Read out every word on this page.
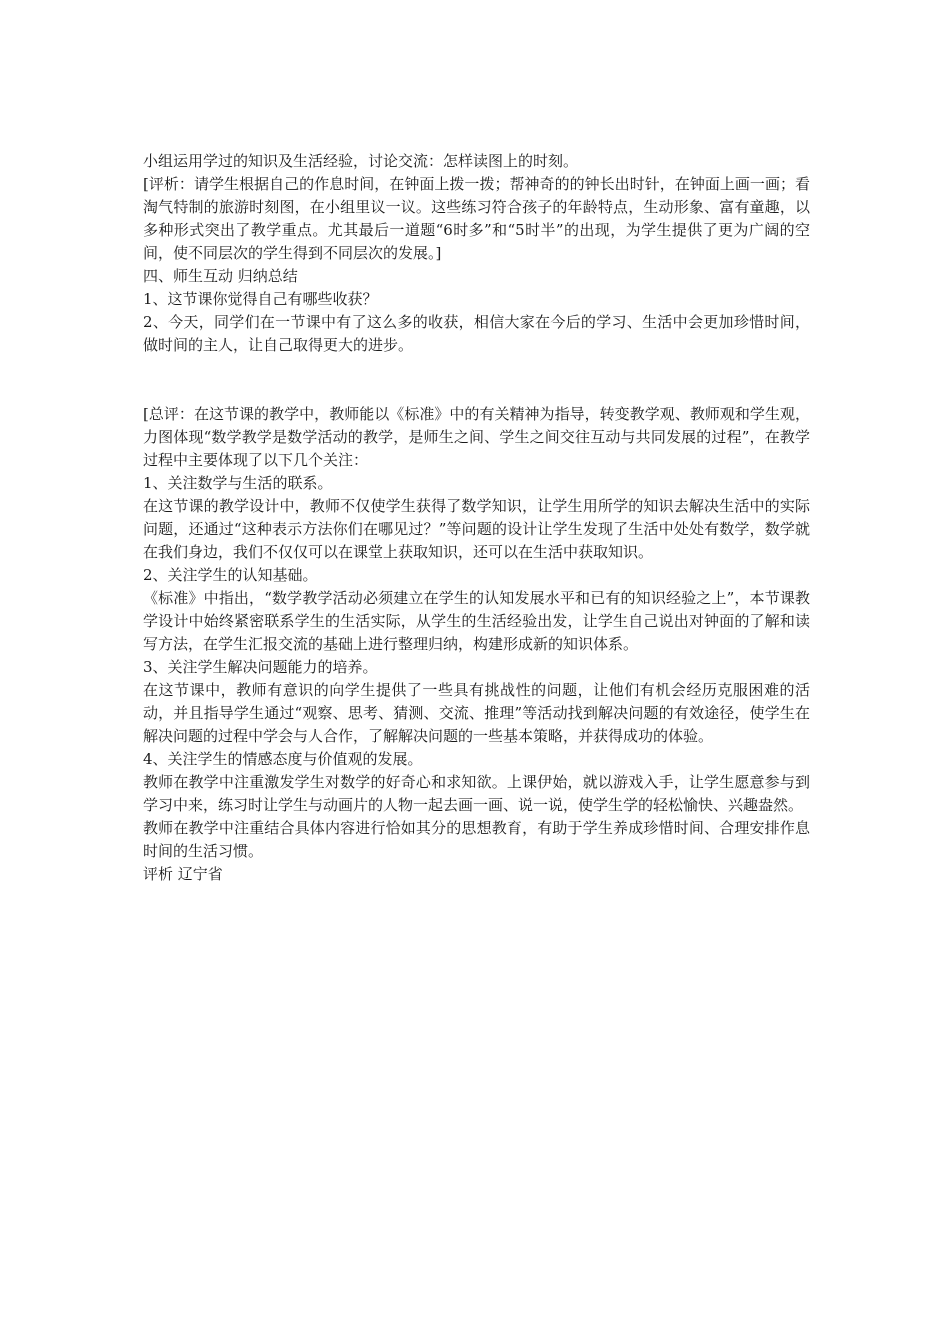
小组运用学过的知识及生活经验，讨论交流：怎样读图上的时刻。

[评析：请学生根据自己的作息时间，在钟面上拨一拨；帮神奇的的钟长出时针，在钟面上画一画；看淘气特制的旅游时刻图，在小组里议一议。这些练习符合孩子的年龄特点，生动形象、富有童趣，以多种形式突出了教学重点。尤其最后一道题“6时多”和“5时半”的出现，为学生提供了更为广阔的空间，使不同层次的学生得到不同层次的发展。]

四、师生互动 归纳总结

1、这节课你觉得自己有哪些收获？

2、今天，同学们在一节课中有了这么多的收获，相信大家在今后的学习、生活中会更加珍惜时间，做时间的主人，让自己取得更大的进步。

[总评：在这节课的教学中，教师能以《标准》中的有关精神为指导，转变教学观、教师观和学生观，力图体现“数学教学是数学活动的教学，是师生之间、学生之间交往互动与共同发展的过程”，在教学过程中主要体现了以下几个关注：

1、关注数学与生活的联系。

在这节课的教学设计中，教师不仅使学生获得了数学知识，让学生用所学的知识去解决生活中的实际问题，还通过“这种表示方法你们在哪见过？”等问题的设计让学生发现了生活中处处有数学，数学就在我们身边，我们不仅仅可以在课堂上获取知识，还可以在生活中获取知识。

2、关注学生的认知基础。

《标准》中指出，“数学教学活动必须建立在学生的认知发展水平和已有的知识经验之上”，本节课教学设计中始终紧密联系学生的生活实际，从学生的生活经验出发，让学生自己说出对钟面的了解和读写方法，在学生汇报交流的基础上进行整理归纳，构建形成新的知识体系。

3、关注学生解决问题能力的培养。

在这节课中，教师有意识的向学生提供了一些具有挑战性的问题，让他们有机会经历克服困难的活动，并且指导学生通过“观察、思考、猜测、交流、推理”等活动找到解决问题的有效途径，使学生在解决问题的过程中学会与人合作，了解解决问题的一些基本策略，并获得成功的体验。

4、关注学生的情感态度与价值观的发展。

教师在教学中注重激发学生对数学的好奇心和求知欲。上课伊始，就以游戏入手，让学生愿意参与到学习中来，练习时让学生与动画片的人物一起去画一画、说一说，使学生学的轻松愉快、兴趣盎然。

教师在教学中注重结合具体内容进行恰如其分的思想教育，有助于学生养成珍惜时间、合理安排作息时间的生活习惯。

评析 辽宁省
